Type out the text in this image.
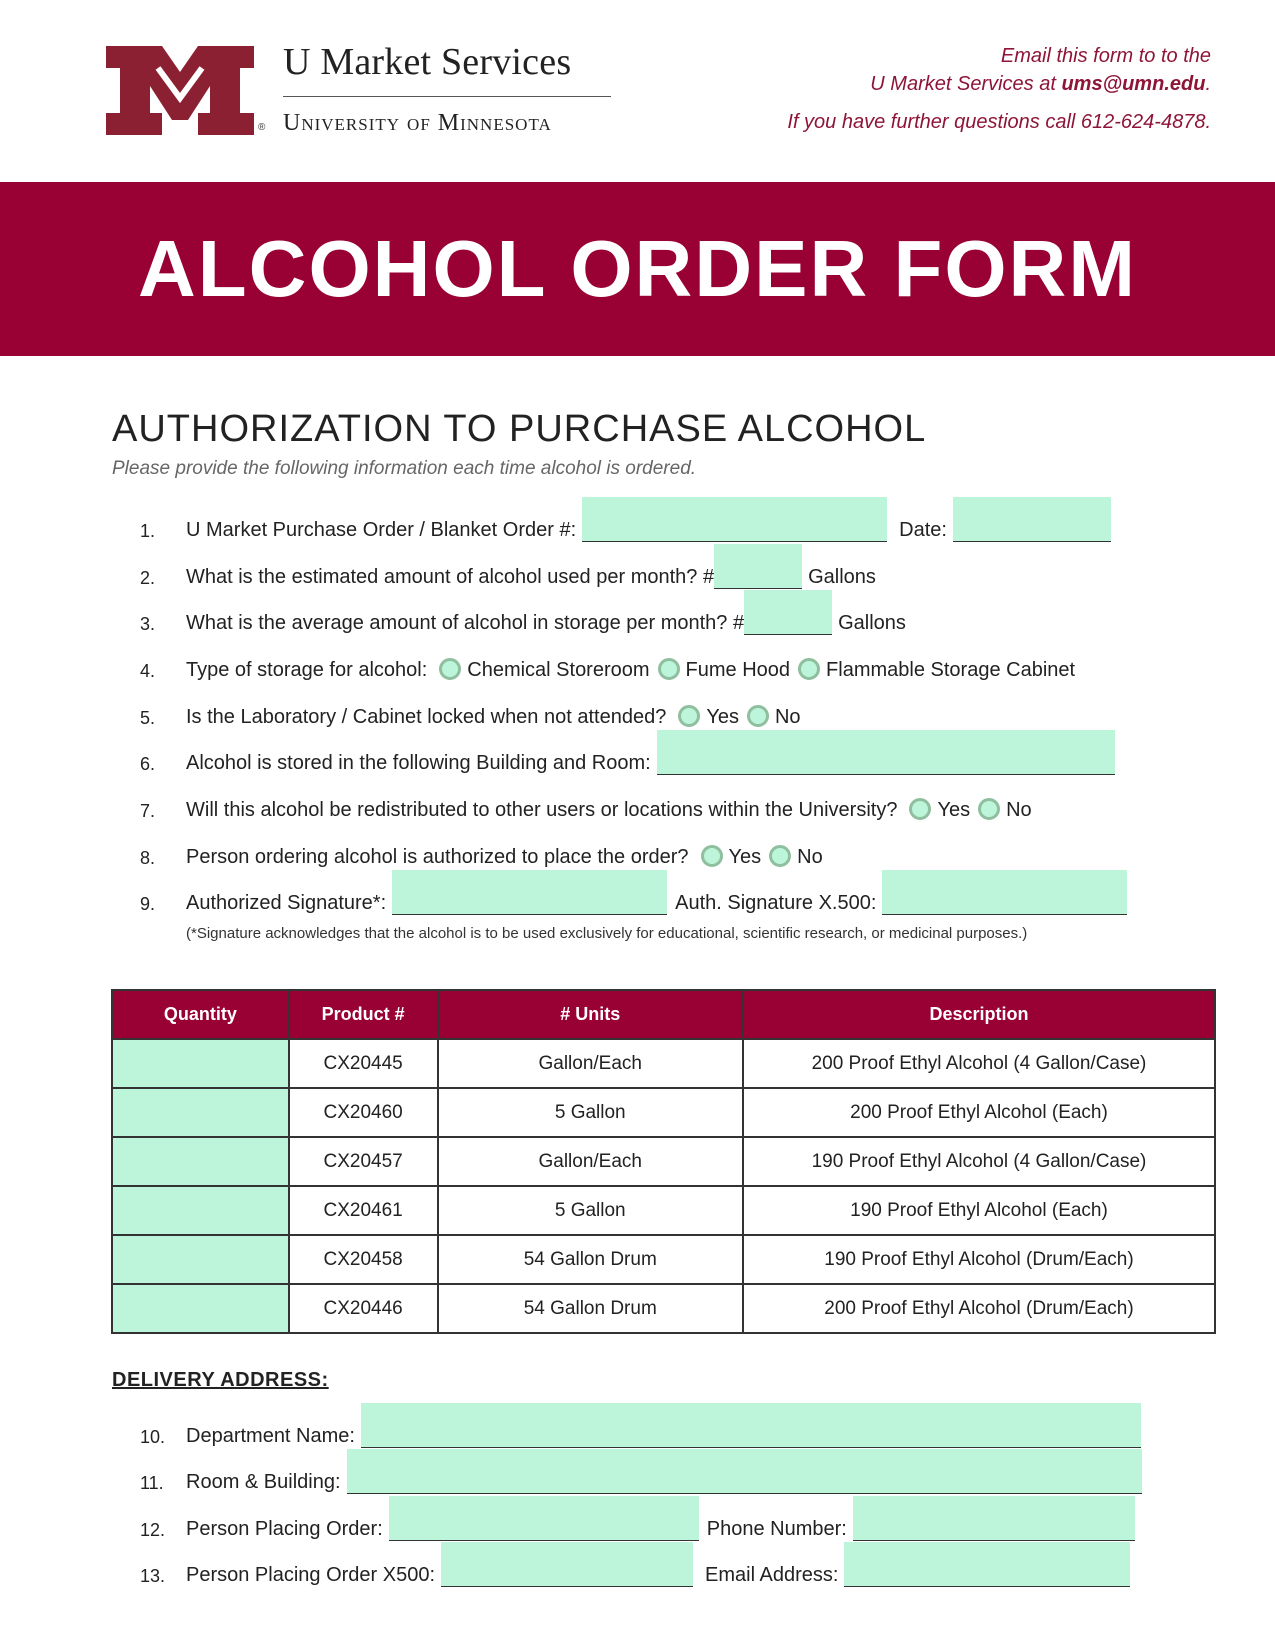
®
U Market Services
University of Minnesota
Email this form to to the
U Market Services at ums@umn.edu.
If you have further questions call 612-624-4878.
ALCOHOL ORDER FORM
AUTHORIZATION TO PURCHASE ALCOHOL
Please provide the following information each time alcohol is ordered.
1.	U Market Purchase Order / Blanket Order #:	Date:
2.	What is the estimated amount of alcohol used per month? #	Gallons
3.	What is the average amount of alcohol in storage per month? #	Gallons
4.	Type of storage for alcohol: Chemical Storeroom Fume Hood Flammable Storage Cabinet
5.	Is the Laboratory / Cabinet locked when not attended? Yes No
6.	Alcohol is stored in the following Building and Room:
7.	Will this alcohol be redistributed to other users or locations within the University? Yes No
8.	Person ordering alcohol is authorized to place the order? Yes No
9.	Authorized Signature*:	Auth. Signature X.500:
(*Signature acknowledges that the alcohol is to be used exclusively for educational, scientific research, or medicinal purposes.)
Quantity	Product #	# Units	Description
	CX20445	Gallon/Each	200 Proof Ethyl Alcohol (4 Gallon/Case)
	CX20460	5 Gallon	200 Proof Ethyl Alcohol (Each)
	CX20457	Gallon/Each	190 Proof Ethyl Alcohol (4 Gallon/Case)
	CX20461	5 Gallon	190 Proof Ethyl Alcohol (Each)
	CX20458	54 Gallon Drum	190 Proof Ethyl Alcohol (Drum/Each)
	CX20446	54 Gallon Drum	200 Proof Ethyl Alcohol (Drum/Each)
DELIVERY ADDRESS:
10.	Department Name:
11.	Room & Building:
12.	Person Placing Order:	Phone Number:
13.	Person Placing Order X500:	Email Address:
